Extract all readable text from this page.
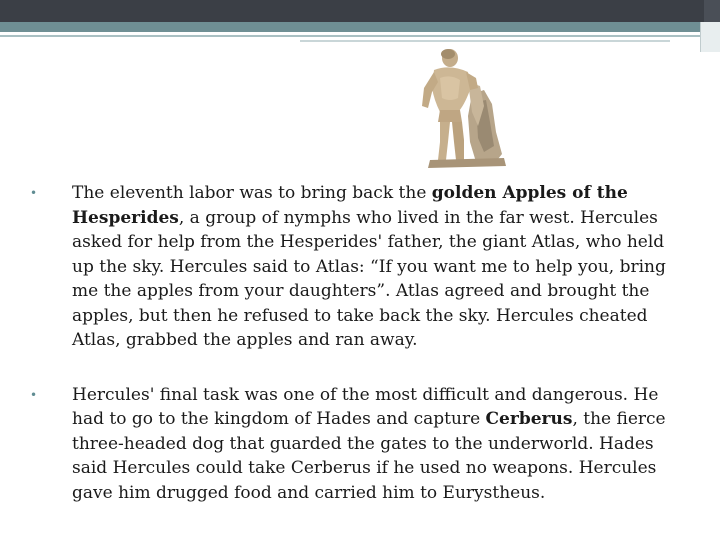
•	The eleventh labor was to bring back the golden Apples of the Hesperides, a group of nymphs who lived in the far west. Hercules asked for help from the Hesperides' father, the giant Atlas, who held up the sky. Hercules said to Atlas: “If you want me to help you, bring me the apples from your daughters”. Atlas agreed and brought the apples, but then he refused to take back the sky. Hercules cheated Atlas, grabbed the apples and ran away.

•	Hercules' final task was one of the most difficult and dangerous. He had to go to the kingdom of Hades and capture Cerberus, the fierce three-headed dog that guarded the gates to the underworld. Hades said Hercules could take Cerberus if he used no weapons. Hercules gave him drugged food and carried him to Eurystheus.
